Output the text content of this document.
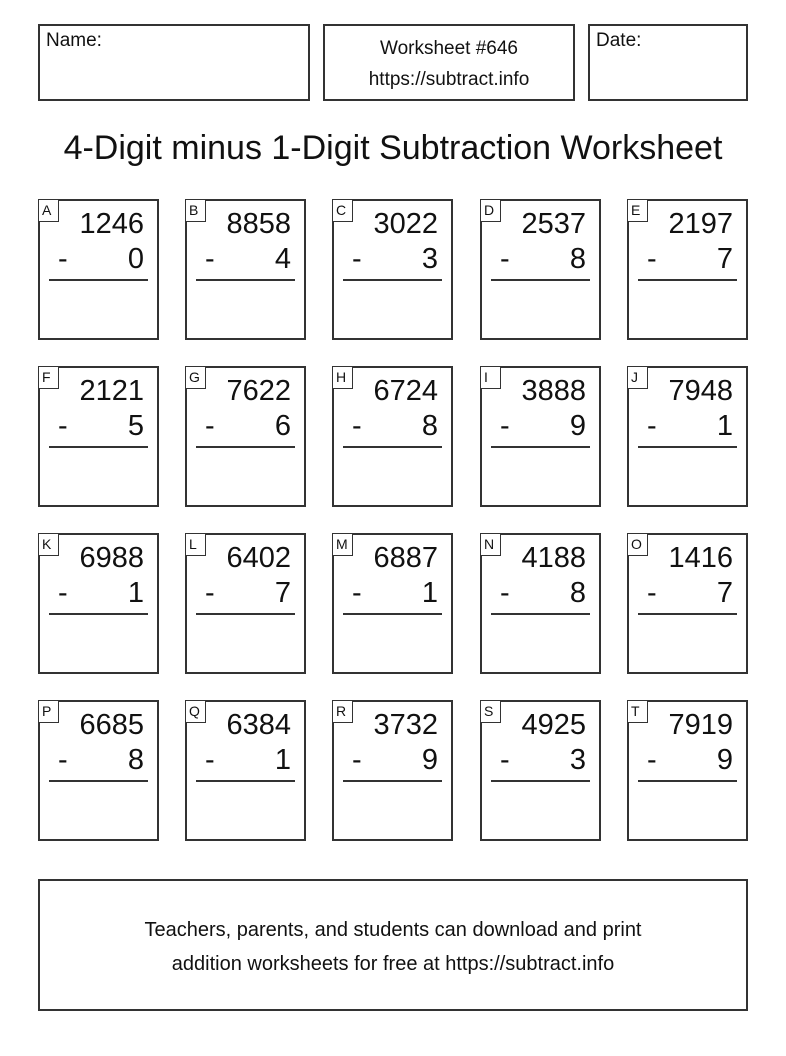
Name:	Worksheet #646
https://subtract.info
Date:
4-Digit minus 1-Digit Subtraction Worksheet
A 1246
- 0
B 8858
- 4
C 3022
- 3
D 2537
- 8
E 2197
- 7
F 2121
- 5
G 7622
- 6
H 6724
- 8
I	3888
- 9
J	7948
- 1
K 6988
- 1
L	6402
- 7
M 6887
- 1
N 4188
- 8
O 1416
- 7
P 6685
- 8
Q 6384
- 1
R 3732
- 9
S 4925
- 3
T 7919
- 9
Teachers, parents, and students can download and print
addition worksheets for free at https://subtract.info
